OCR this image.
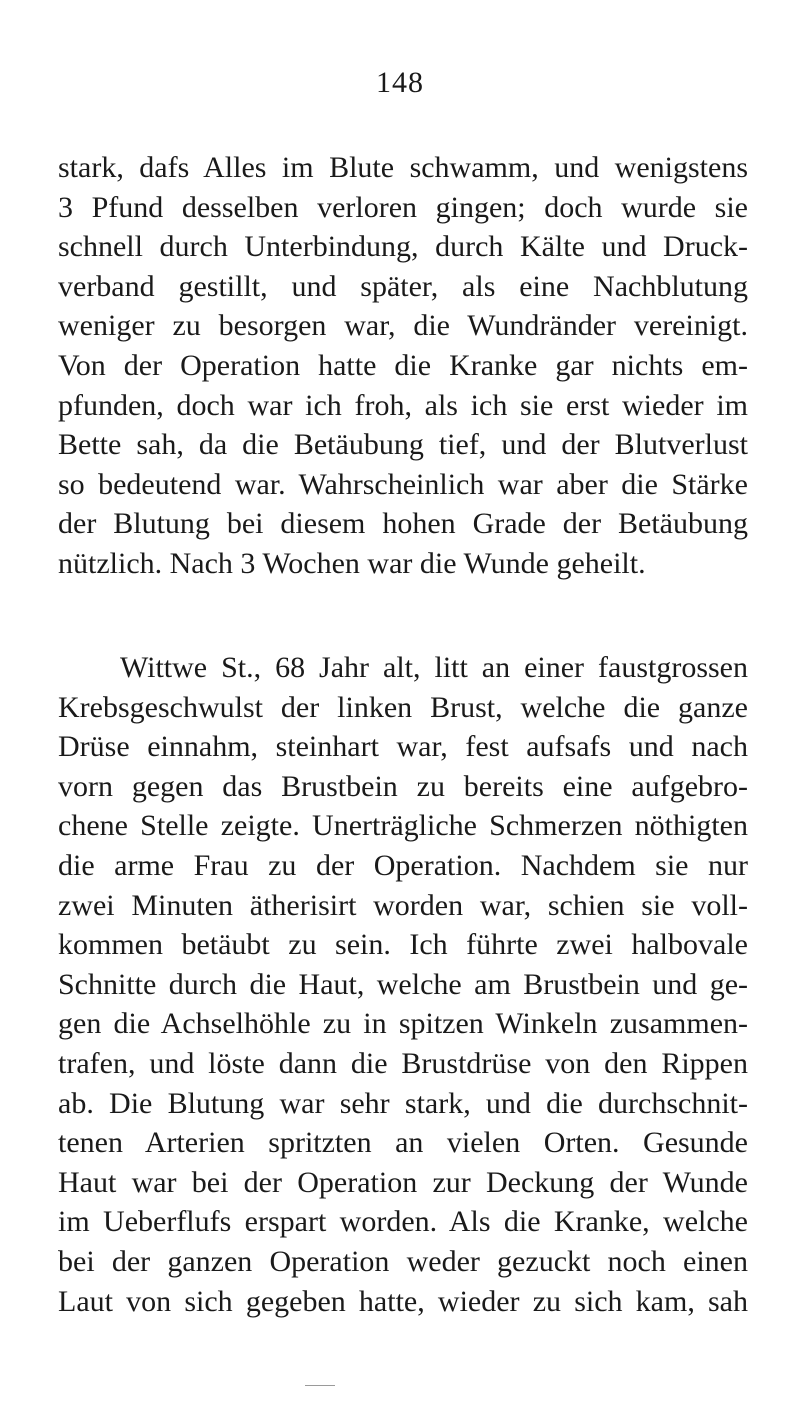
148
stark, dafs Alles im Blute schwamm, und wenigstens
3 Pfund desselben verloren gingen; doch wurde sie
schnell durch Unterbindung, durch Kälte und Druck-
verband gestillt, und später, als eine Nachblutung
weniger zu besorgen war, die Wundränder vereinigt.
Von der Operation hatte die Kranke gar nichts em-
pfunden, doch war ich froh, als ich sie erst wieder im
Bette sah, da die Betäubung tief, und der Blutverlust
so bedeutend war. Wahrscheinlich war aber die Stärke
der Blutung bei diesem hohen Grade der Betäubung
nützlich. Nach 3 Wochen war die Wunde geheilt.
Wittwe St., 68 Jahr alt, litt an einer faustgrossen
Krebsgeschwulst der linken Brust, welche die ganze
Drüse einnahm, steinhart war, fest aufsafs und nach
vorn gegen das Brustbein zu bereits eine aufgebro-
chene Stelle zeigte. Unerträgliche Schmerzen nöthigten
die arme Frau zu der Operation. Nachdem sie nur
zwei Minuten ätherisirt worden war, schien sie voll-
kommen betäubt zu sein. Ich führte zwei halbovale
Schnitte durch die Haut, welche am Brustbein und ge-
gen die Achselhöhle zu in spitzen Winkeln zusammen-
trafen, und löste dann die Brustdrüse von den Rippen
ab. Die Blutung war sehr stark, und die durchschnit-
tenen Arterien spritzten an vielen Orten. Gesunde
Haut war bei der Operation zur Deckung der Wunde
im Ueberflufs erspart worden. Als die Kranke, welche
bei der ganzen Operation weder gezuckt noch einen
Laut von sich gegeben hatte, wieder zu sich kam, sah
